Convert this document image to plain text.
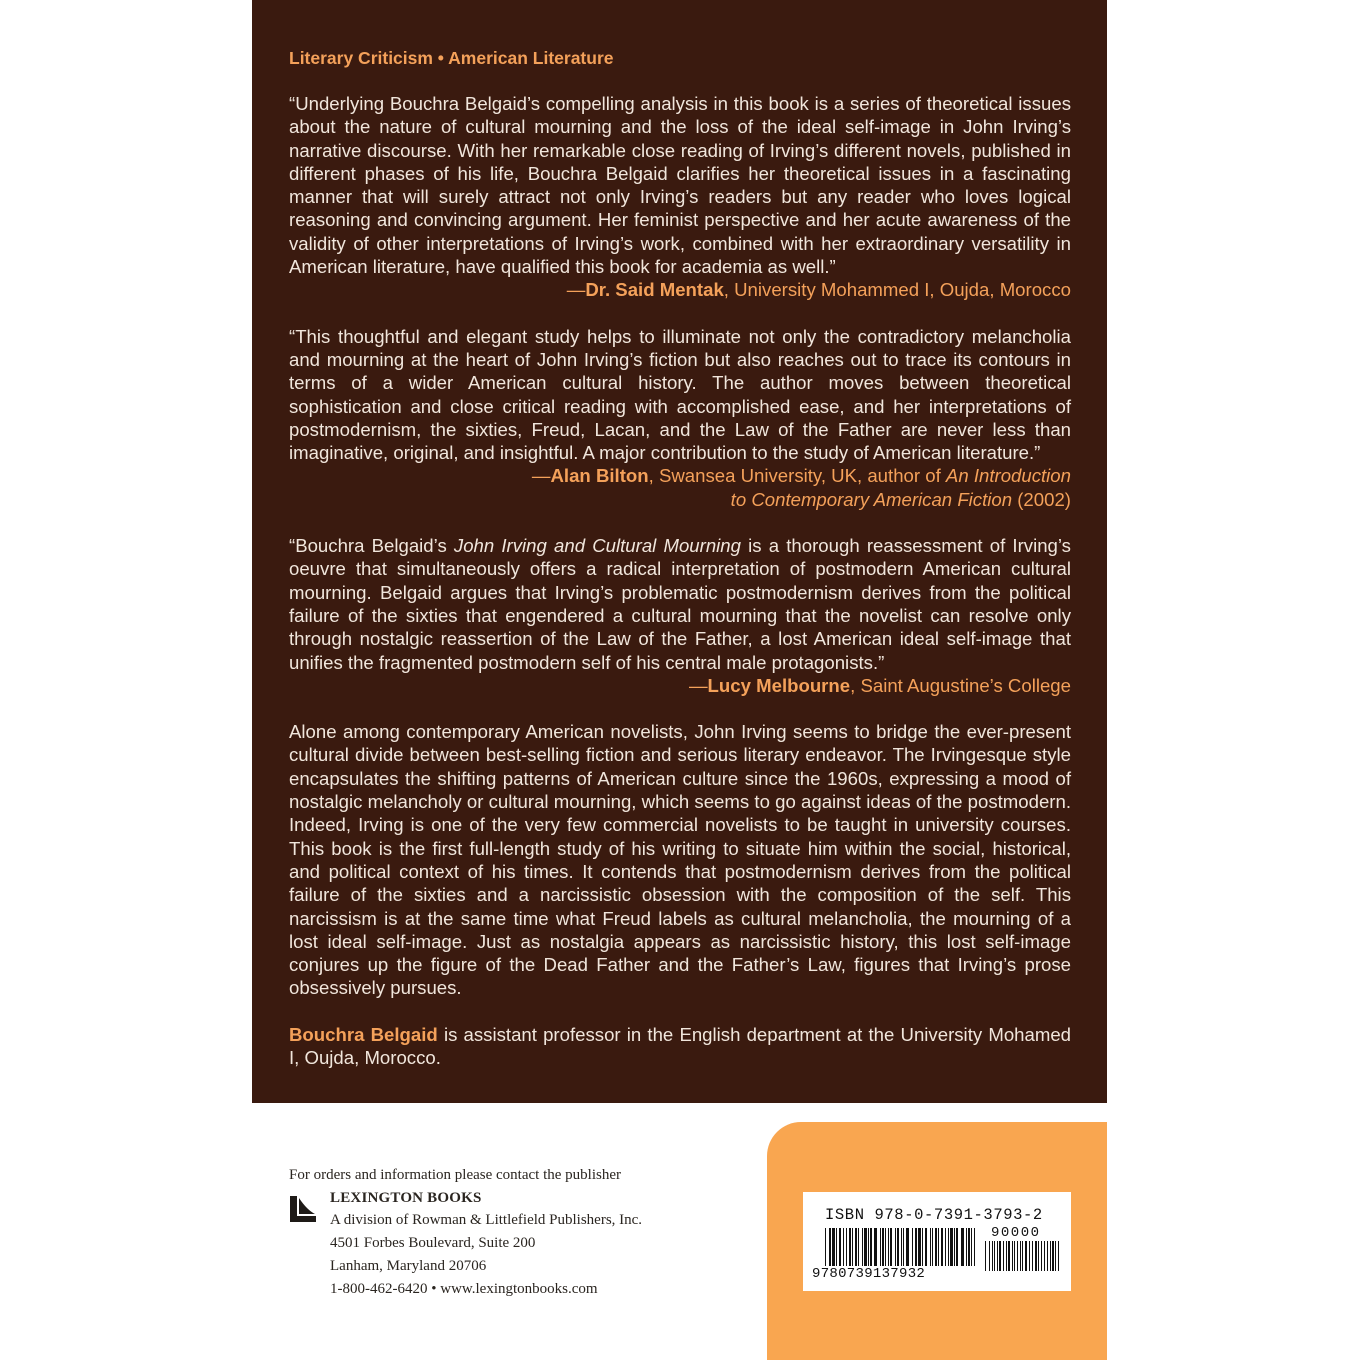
Literary Criticism • American Literature

“Underlying Bouchra Belgaid’s compelling analysis in this book is a series of theoretical issues about the nature of cultural mourning and the loss of the ideal self-image in John Irving’s narrative discourse. With her remarkable close reading of Irving’s different novels, published in different phases of his life, Bouchra Belgaid clarifies her theoretical issues in a fascinating manner that will surely attract not only Irving’s readers but any reader who loves logical reasoning and convincing argument. Her feminist perspective and her acute awareness of the validity of other interpretations of Irving’s work, combined with her extraordinary versatility in American literature, have qualified this book for academia as well.”

—Dr. Said Mentak, University Mohammed I, Oujda, Morocco

“This thoughtful and elegant study helps to illuminate not only the contradictory melancholia and mourning at the heart of John Irving’s fiction but also reaches out to trace its contours in terms of a wider American cultural history. The author moves between theoretical sophistication and close critical reading with accomplished ease, and her interpretations of postmodernism, the sixties, Freud, Lacan, and the Law of the Father are never less than imaginative, original, and insightful. A major contribution to the study of American literature.”

—Alan Bilton, Swansea University, UK, author of An Introduction
to Contemporary American Fiction (2002)

“Bouchra Belgaid’s John Irving and Cultural Mourning is a thorough reassessment of Irving’s oeuvre that simultaneously offers a radical interpretation of postmodern American cultural mourning. Belgaid argues that Irving’s problematic postmodernism derives from the political failure of the sixties that engendered a cultural mourning that the novelist can resolve only through nostalgic reassertion of the Law of the Father, a lost American ideal self-image that unifies the fragmented postmodern self of his central male protagonists.”

—Lucy Melbourne, Saint Augustine’s College

Alone among contemporary American novelists, John Irving seems to bridge the ever-present cultural divide between best-selling fiction and serious literary endeavor. The Irvingesque style encapsulates the shifting patterns of American culture since the 1960s, expressing a mood of nostalgic melancholy or cultural mourning, which seems to go against ideas of the postmodern. Indeed, Irving is one of the very few commercial novelists to be taught in university courses. This book is the first full-length study of his writing to situate him within the social, historical, and political context of his times. It contends that postmodernism derives from the political failure of the sixties and a narcissistic obsession with the composition of the self. This narcissism is at the same time what Freud labels as cultural melancholia, the mourning of a lost ideal self-image. Just as nostalgia appears as narcissistic history, this lost self-image conjures up the figure of the Dead Father and the Father’s Law, figures that Irving’s prose obsessively pursues.

Bouchra Belgaid is assistant professor in the English department at the University Mohamed I, Oujda, Morocco.

For orders and information please contact the publisher
LEXINGTON BOOKS
A division of Rowman & Littlefield Publishers, Inc.
4501 Forbes Boulevard, Suite 200
Lanham, Maryland 20706
1-800-462-6420 • www.lexingtonbooks.com
ISBN 978-0-7391-3793-2
90000
9780739137932
